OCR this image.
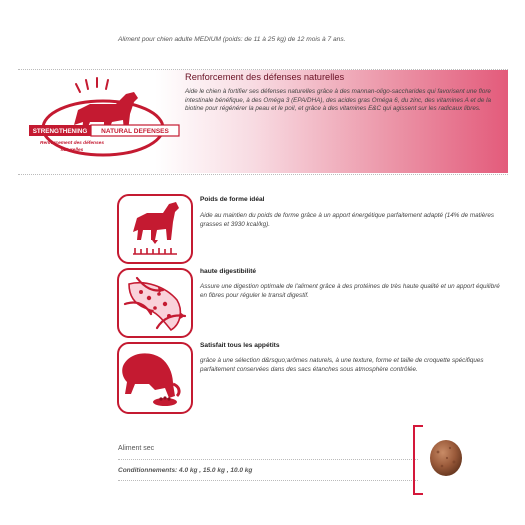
Aliment pour chien adulte MEDIUM (poids: de 11 à 25 kg) de 12 mois à 7 ans.
STRENGTHENING NATURAL DEFENSES
Renforcement des défenses
naturelles
Renforcement des défenses naturelles
Aide le chien à fortifier ses défenses naturelles grâce à des mannan-oligo-saccharides qui favorisent une flore intestinale bénéfique, à des Oméga 3 (EPA/DHA), des acides gras Oméga 6, du zinc, des vitamines A et de la biotine pour régénérer la peau et le poil, et grâce à des vitamines E&C qui agissent sur les radicaux libres.
Poids de forme idéal
Aide au maintien du poids de forme grâce à un apport énergétique parfaitement adapté (14% de matières grasses et 3930 kcal/kg).
haute digestibilité
Assure une digestion optimale de l'aliment grâce à des protéines de très haute qualité et un apport équilibré en fibres pour réguler le transit digestif.
Satisfait tous les appétits
grâce à une sélection d&rsquo;arômes naturels, à une texture, forme et taille de croquette spécifiques parfaitement conservées dans des sacs étanches sous atmosphère contrôlée.
Aliment sec
Conditionnements: 4.0 kg , 15.0 kg , 10.0 kg
